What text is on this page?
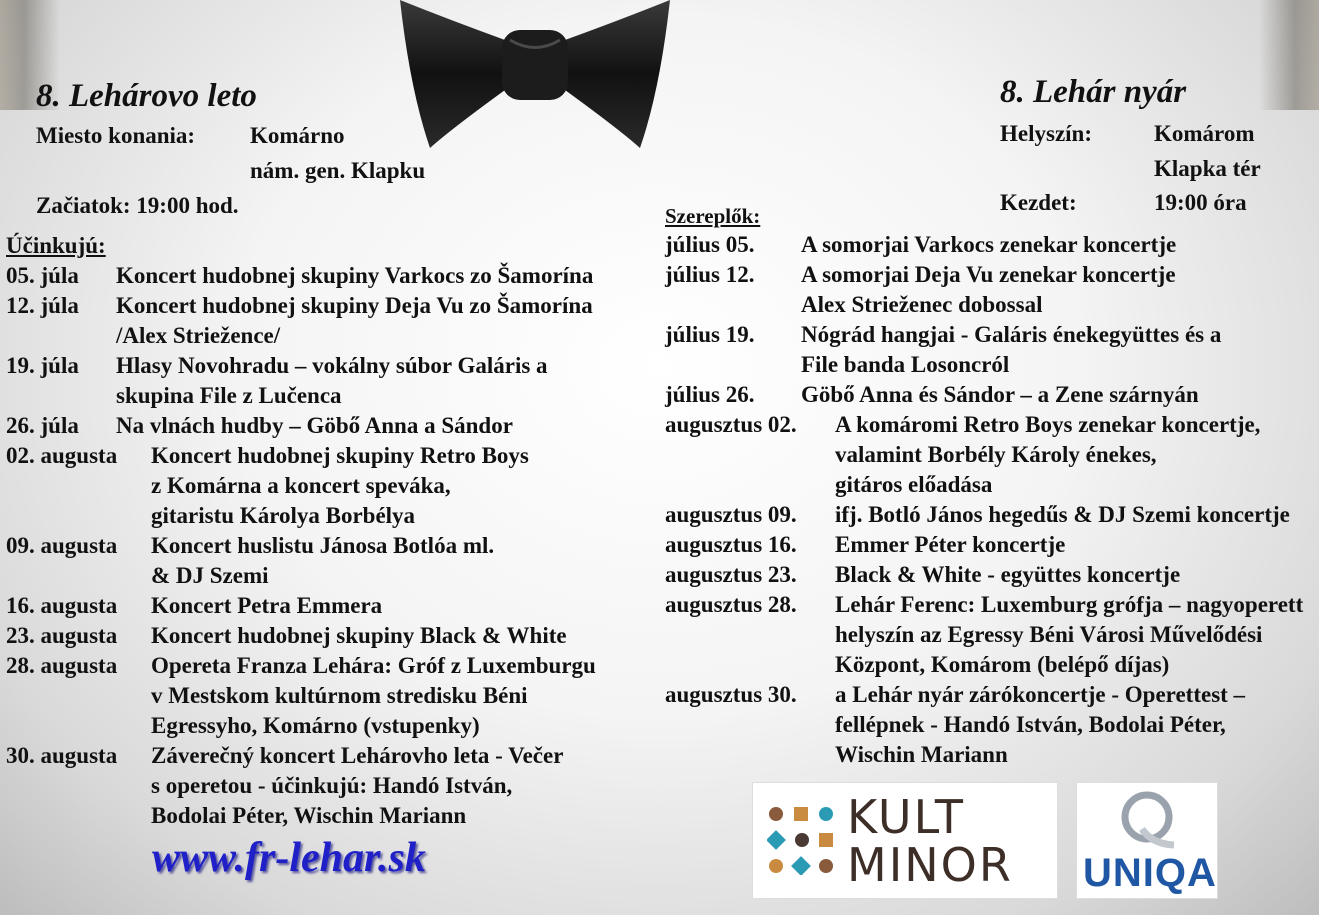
8. Lehárovo leto
Miesto konania: Komárno
nám. gen. Klapku
Začiatok: 19:00 hod.
Účinkujú:
05. júla	Koncert hudobnej skupiny Varkocs zo Šamorína
12. júla	Koncert hudobnej skupiny Deja Vu zo Šamorína
/Alex Striežence/
19. júla	Hlasy Novohradu – vokálny súbor Galáris a
skupina File z Lučenca
26. júla	Na vlnách hudby – Göbő Anna a Sándor
02. augusta	Koncert hudobnej skupiny Retro Boys
z Komárna a koncert speváka,
gitaristu Károlya Borbélya
09. augusta	Koncert huslistu Jánosa Botlóa ml.
& DJ Szemi
16. augusta	Koncert Petra Emmera
23. augusta	Koncert hudobnej skupiny Black & White
28. augusta	Opereta Franza Lehára: Gróf z Luxemburgu
v Mestskom kultúrnom stredisku Béni
Egressyho, Komárno (vstupenky)
30. augusta	Záverečný koncert Lehárovho leta - Večer
s operetou - účinkujú: Handó István,
Bodolai Péter, Wischin Mariann
www.fr-lehar.sk
8. Lehár nyár
Helyszín:	Komárom
Klapka tér
Kezdet:	19:00 óra
Szereplők:
július 05.	A somorjai Varkocs zenekar koncertje
július 12.	A somorjai Deja Vu zenekar koncertje
Alex Strieženec dobossal
július 19.	Nógrád hangjai - Galáris énekegyüttes és a
File banda Losoncról
július 26.	Göbő Anna és Sándor – a Zene szárnyán
augusztus 02.	A komáromi Retro Boys zenekar koncertje,
valamint Borbély Károly énekes,
gitáros előadása
augusztus 09.	ifj. Botló János hegedűs & DJ Szemi koncertje
augusztus 16.	Emmer Péter koncertje
augusztus 23.	Black & White - együttes koncertje
augusztus 28.	Lehár Ferenc: Luxemburg grófja – nagyoperett
helyszín az Egressy Béni Városi Művelődési
Központ, Komárom (belépő díjas)
augusztus 30.	a Lehár nyár zárókoncertje - Operettest –
fellépnek - Handó István, Bodolai Péter,
Wischin Mariann
KULT
MINOR UNIQA
